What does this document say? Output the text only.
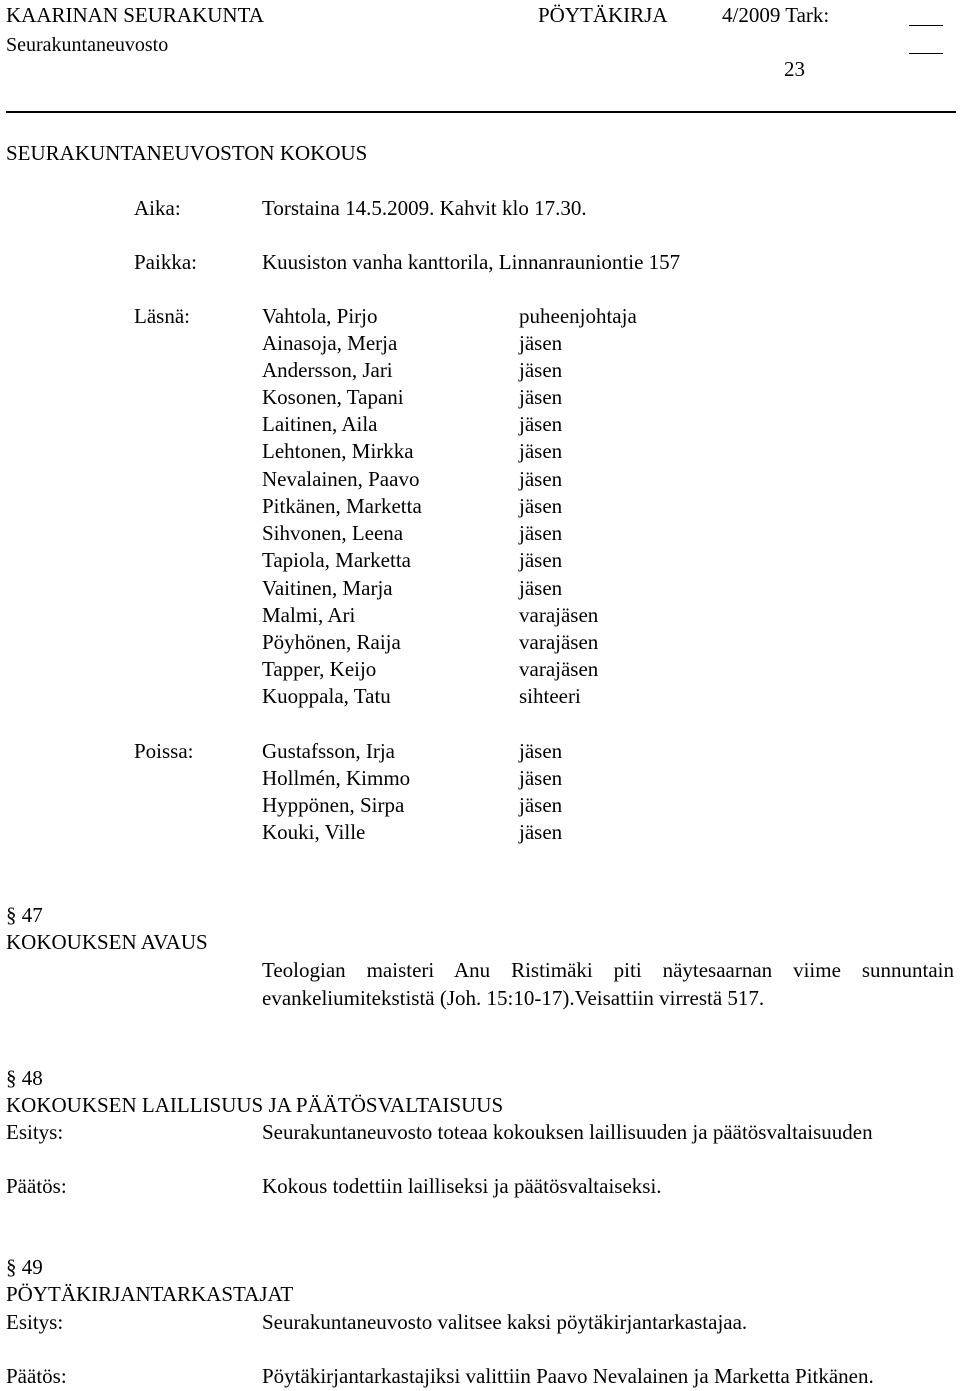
KAARINAN SEURAKUNTA	PÖYTÄKIRJA	4/2009 Tark:
Seurakuntaneuvosto
23
SEURAKUNTANEUVOSTON KOKOUS
Aika:	Torstaina 14.5.2009. Kahvit klo 17.30.
Paikka:	Kuusiston vanha kanttorila, Linnanrauniontie 157
Läsnä:	Vahtola, Pirjo	puheenjohtaja
Ainasoja, Merja	jäsen
Andersson, Jari	jäsen
Kosonen, Tapani	jäsen
Laitinen, Aila	jäsen
Lehtonen, Mirkka	jäsen
Nevalainen, Paavo	jäsen
Pitkänen, Marketta	jäsen
Sihvonen, Leena	jäsen
Tapiola, Marketta	jäsen
Vaitinen, Marja	jäsen
Malmi, Ari	varajäsen
Pöyhönen, Raija	varajäsen
Tapper, Keijo	varajäsen
Kuoppala, Tatu	sihteeri
Poissa:	Gustafsson, Irja	jäsen
Hollmén, Kimmo	jäsen
Hyppönen, Sirpa	jäsen
Kouki, Ville	jäsen
§ 47
KOKOUKSEN AVAUS
Teologian maisteri Anu Ristimäki piti näytesaarnan viime sunnuntain evankeliumitekstistä (Joh. 15:10-17).Veisattiin virrestä 517.
§ 48
KOKOUKSEN LAILLISUUS JA PÄÄTÖSVALTAISUUS
Esitys:	Seurakuntaneuvosto toteaa kokouksen laillisuuden ja päätösvaltaisuuden
Päätös:	Kokous todettiin lailliseksi ja päätösvaltaiseksi.
§ 49
PÖYTÄKIRJANTARKASTAJAT
Esitys:	Seurakuntaneuvosto valitsee kaksi pöytäkirjantarkastajaa.
Päätös:	Pöytäkirjantarkastajiksi valittiin Paavo Nevalainen ja Marketta Pitkänen.
